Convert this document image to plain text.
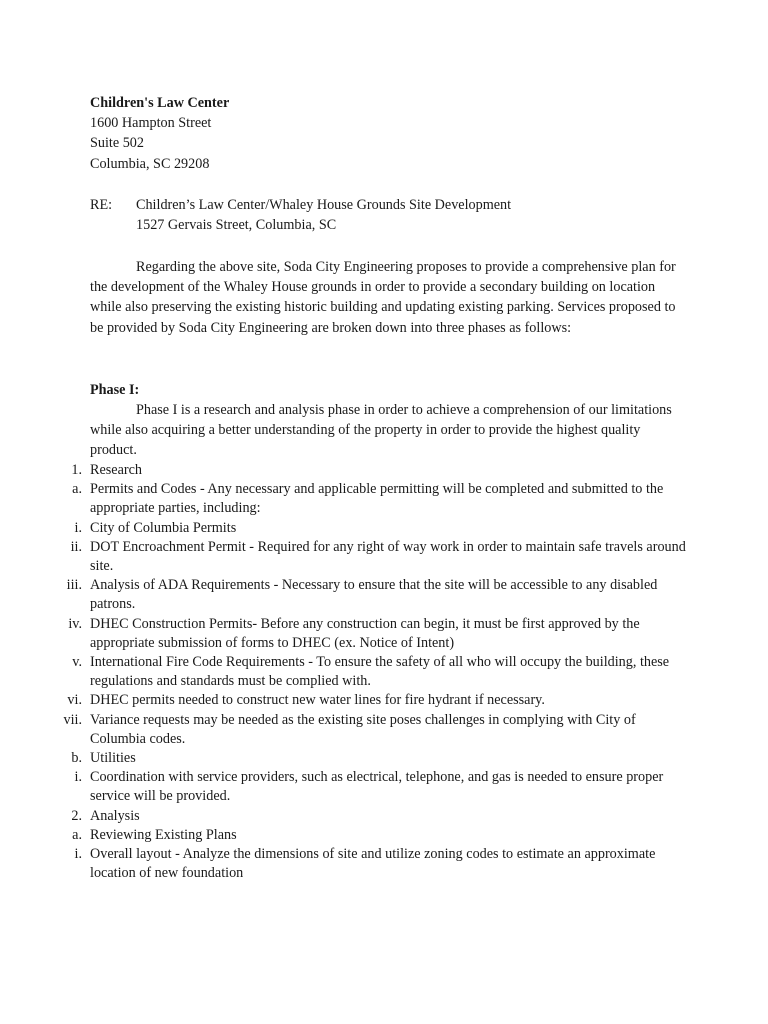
Children's Law Center
1600 Hampton Street
Suite 502
Columbia, SC 29208
RE: Children’s Law Center/Whaley House Grounds Site Development
1527 Gervais Street, Columbia, SC
Regarding the above site, Soda City Engineering proposes to provide a comprehensive plan for the development of the Whaley House grounds in order to provide a secondary building on location while also preserving the existing historic building and updating existing parking. Services proposed to be provided by Soda City Engineering are broken down into three phases as follows:
Phase I:
Phase I is a research and analysis phase in order to achieve a comprehension of our limitations while also acquiring a better understanding of the property in order to provide the highest quality product.
1. Research
a. Permits and Codes - Any necessary and applicable permitting will be completed and submitted to the appropriate parties, including:
i. City of Columbia Permits
ii. DOT Encroachment Permit - Required for any right of way work in order to maintain safe travels around site.
iii. Analysis of ADA Requirements - Necessary to ensure that the site will be accessible to any disabled patrons.
iv. DHEC Construction Permits- Before any construction can begin, it must be first approved by the appropriate submission of forms to DHEC (ex. Notice of Intent)
v. International Fire Code Requirements - To ensure the safety of all who will occupy the building, these regulations and standards must be complied with.
vi. DHEC permits needed to construct new water lines for fire hydrant if necessary.
vii. Variance requests may be needed as the existing site poses challenges in complying with City of Columbia codes.
b. Utilities
i. Coordination with service providers, such as electrical, telephone, and gas is needed to ensure proper service will be provided.
2. Analysis
a. Reviewing Existing Plans
i. Overall layout - Analyze the dimensions of site and utilize zoning codes to estimate an approximate location of new foundation
